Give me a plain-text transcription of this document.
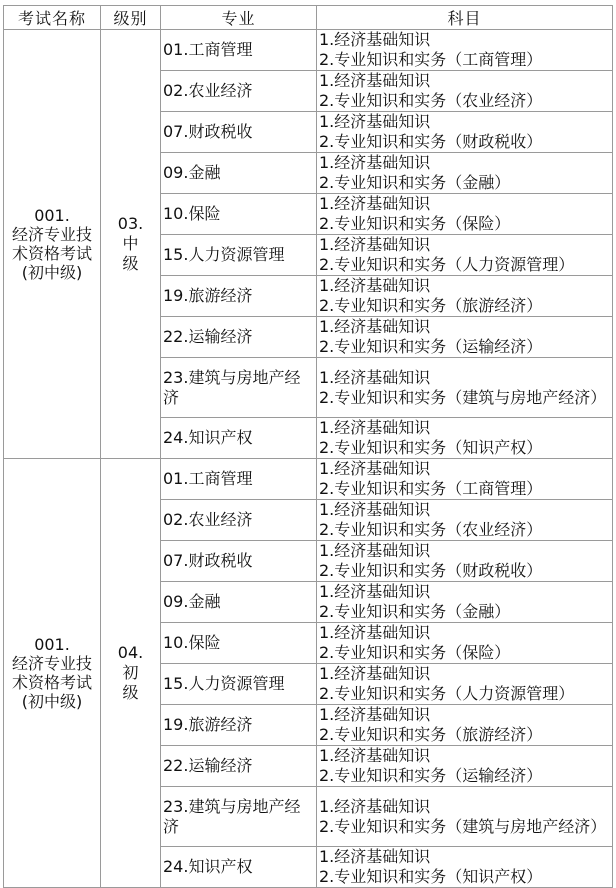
考试名称	级别	专业	科目
001.
经济专业技术资格考试(初中级)	03.
中
级	01.工商管理	1.经济基础知识
2.专业知识和实务（工商管理）

		02.农业经济	1.经济基础知识
2.专业知识和实务（农业经济）

		07.财政税收	1.经济基础知识
2.专业知识和实务（财政税收）

		09.金融	1.经济基础知识
2.专业知识和实务（金融）

		10.保险	1.经济基础知识
2.专业知识和实务（保险）

		15.人力资源管理	1.经济基础知识
2.专业知识和实务（人力资源管理）

		19.旅游经济	1.经济基础知识
2.专业知识和实务（旅游经济）

		22.运输经济	1.经济基础知识
2.专业知识和实务（运输经济）

		23.建筑与房地产经济	1.经济基础知识
2.专业知识和实务（建筑与房地产经济）

		24.知识产权	1.经济基础知识
2.专业知识和实务（知识产权）

001.
经济专业技术资格考试(初中级)	04.
初
级	01.工商管理	1.经济基础知识
2.专业知识和实务（工商管理）

		02.农业经济	1.经济基础知识
2.专业知识和实务（农业经济）

		07.财政税收	1.经济基础知识
2.专业知识和实务（财政税收）

		09.金融	1.经济基础知识
2.专业知识和实务（金融）

		10.保险	1.经济基础知识
2.专业知识和实务（保险）

		15.人力资源管理	1.经济基础知识
2.专业知识和实务（人力资源管理）

		19.旅游经济	1.经济基础知识
2.专业知识和实务（旅游经济）

		22.运输经济	1.经济基础知识
2.专业知识和实务（运输经济）

		23.建筑与房地产经济	1.经济基础知识
2.专业知识和实务（建筑与房地产经济）

		24.知识产权	1.经济基础知识
2.专业知识和实务（知识产权）
